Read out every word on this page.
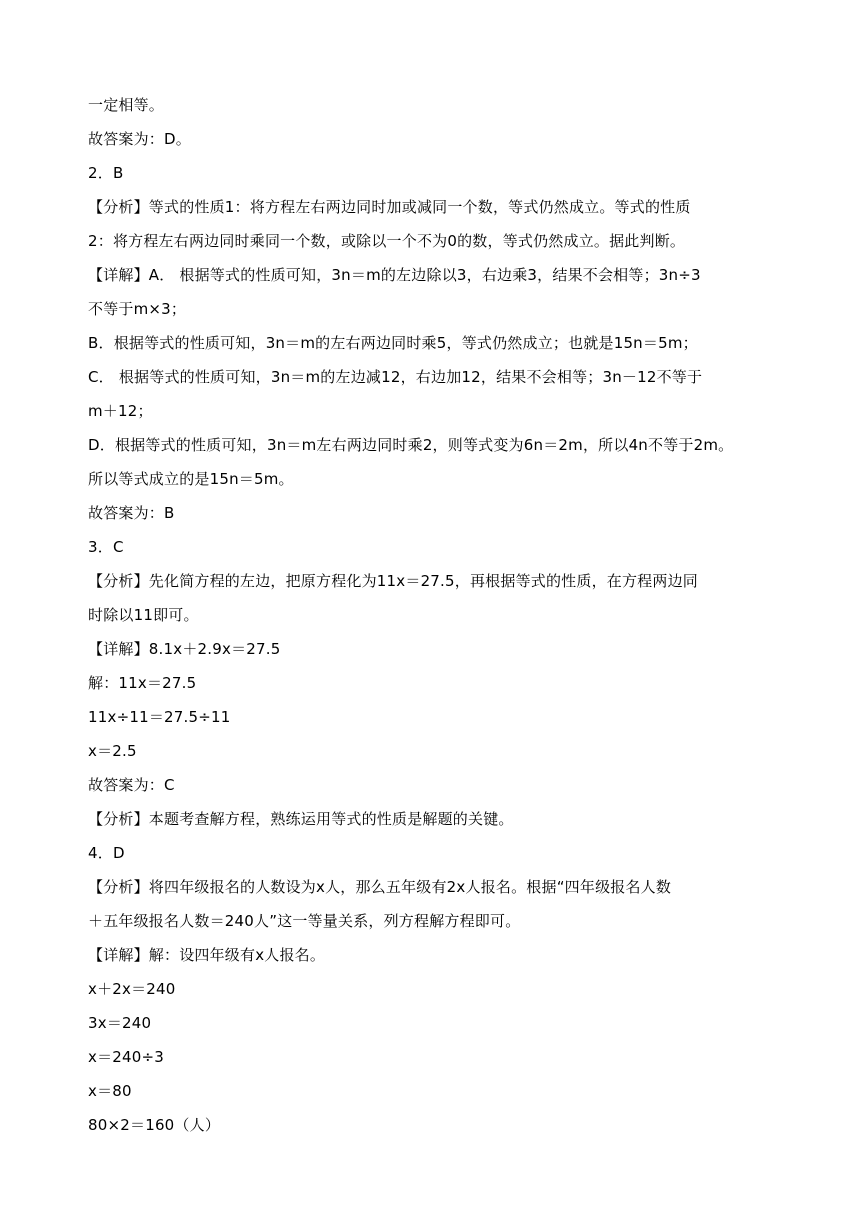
一定相等。
故答案为：D。
2．B
【分析】等式的性质1：将方程左右两边同时加或减同一个数，等式仍然成立。等式的性质
2：将方程左右两边同时乘同一个数，或除以一个不为0的数，等式仍然成立。据此判断。
【详解】A． 根据等式的性质可知，3n＝m的左边除以3，右边乘3，结果不会相等；3n÷3
不等于m×3；
B．根据等式的性质可知，3n＝m的左右两边同时乘5，等式仍然成立；也就是15n＝5m；
C． 根据等式的性质可知，3n＝m的左边减12，右边加12，结果不会相等；3n－12不等于
m＋12；
D．根据等式的性质可知，3n＝m左右两边同时乘2，则等式变为6n＝2m，所以4n不等于2m。
所以等式成立的是15n＝5m。
故答案为：B
3．C
【分析】先化简方程的左边，把原方程化为11x＝27.5，再根据等式的性质，在方程两边同
时除以11即可。
【详解】8.1x＋2.9x＝27.5
解：11x＝27.5
11x÷11＝27.5÷11
x＝2.5
故答案为：C
【分析】本题考查解方程，熟练运用等式的性质是解题的关键。
4．D
【分析】将四年级报名的人数设为x人，那么五年级有2x人报名。根据“四年级报名人数
＋五年级报名人数＝240人”这一等量关系，列方程解方程即可。
【详解】解：设四年级有x人报名。
x＋2x＝240
3x＝240
x＝240÷3
x＝80
80×2＝160（人）
